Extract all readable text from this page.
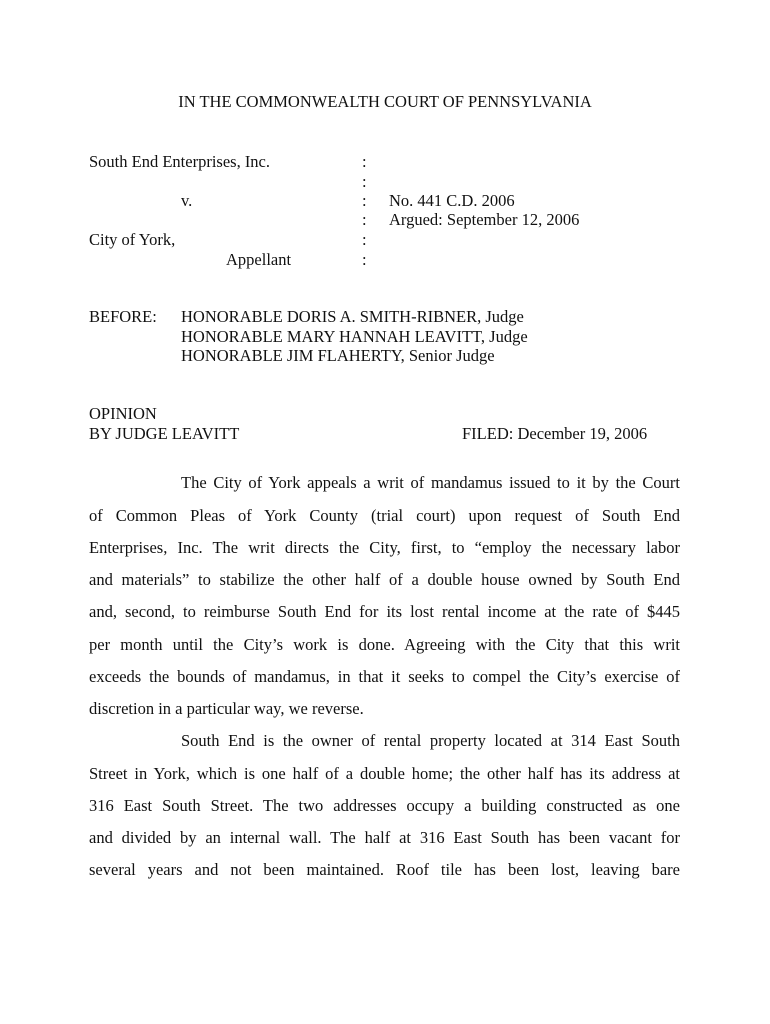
IN THE COMMONWEALTH COURT OF PENNSYLVANIA
South End Enterprises, Inc.
v.
City of York,
Appellant
:
:
:
:
:
:
No. 441 C.D. 2006
Argued: September 12, 2006
BEFORE: HONORABLE DORIS A. SMITH-RIBNER, Judge
HONORABLE MARY HANNAH LEAVITT, Judge
HONORABLE JIM FLAHERTY, Senior Judge
OPINION
BY JUDGE LEAVITT	FILED: December 19, 2006
The City of York appeals a writ of mandamus issued to it by the Court
of Common Pleas of York County (trial court) upon request of South End
Enterprises, Inc. The writ directs the City, first, to “employ the necessary labor
and materials” to stabilize the other half of a double house owned by South End
and, second, to reimburse South End for its lost rental income at the rate of $445
per month until the City’s work is done. Agreeing with the City that this writ
exceeds the bounds of mandamus, in that it seeks to compel the City’s exercise of
discretion in a particular way, we reverse.
South End is the owner of rental property located at 314 East South
Street in York, which is one half of a double home; the other half has its address at
316 East South Street. The two addresses occupy a building constructed as one
and divided by an internal wall. The half at 316 East South has been vacant for
several years and not been maintained. Roof tile has been lost, leaving bare
